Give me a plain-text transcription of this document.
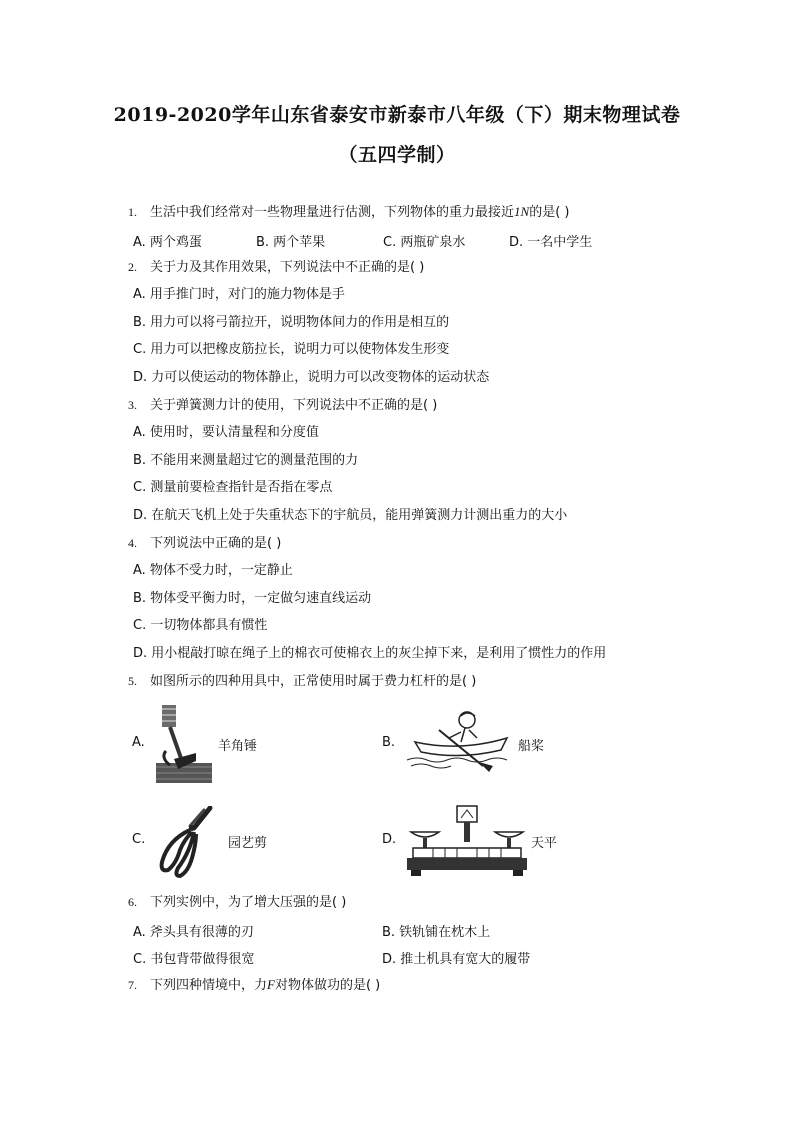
2019-2020学年山东省泰安市新泰市八年级（下）期末物理试卷
（五四学制）
1. 生活中我们经常对一些物理量进行估测，下列物体的重力最接近1N的是( )
A. 两个鸡蛋	B. 两个苹果	C. 两瓶矿泉水	D. 一名中学生
2. 关于力及其作用效果，下列说法中不正确的是( )
A. 用手推门时，对门的施力物体是手
B. 用力可以将弓箭拉开，说明物体间力的作用是相互的
C. 用力可以把橡皮筋拉长，说明力可以使物体发生形变
D. 力可以使运动的物体静止，说明力可以改变物体的运动状态
3. 关于弹簧测力计的使用，下列说法中不正确的是( )
A. 使用时，要认清量程和分度值
B. 不能用来测量超过它的测量范围的力
C. 测量前要检查指针是否指在零点
D. 在航天飞机上处于失重状态下的宇航员，能用弹簧测力计测出重力的大小
4. 下列说法中正确的是( )
A. 物体不受力时，一定静止
B. 物体受平衡力时，一定做匀速直线运动
C. 一切物体都具有惯性
D. 用小棍敲打晾在绳子上的棉衣可使棉衣上的灰尘掉下来，是利用了惯性力的作用
5. 如图所示的四种用具中，正常使用时属于费力杠杆的是( )
A.	羊角锤	B.	船桨
C.	园艺剪	D.	天平
6. 下列实例中，为了增大压强的是( )
A. 斧头具有很薄的刃	B. 铁轨铺在枕木上
C. 书包背带做得很宽	D. 推土机具有宽大的履带
7. 下列四种情境中，力F对物体做功的是( )
